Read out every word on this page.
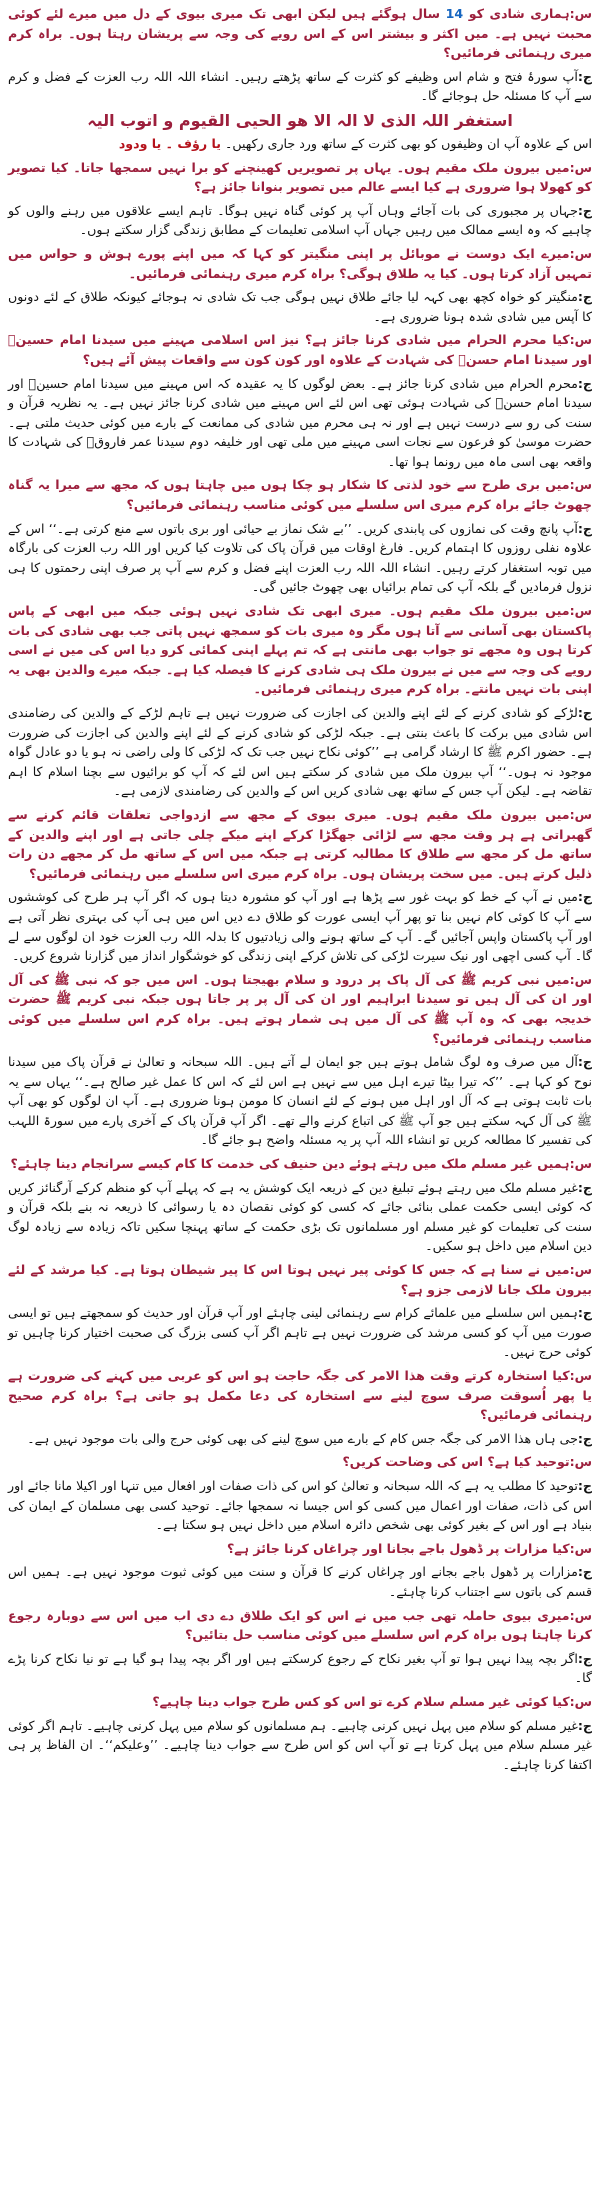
س:ہماری شادی کو 14 سال ہوگئے ہیں لیکن ابھی تک میری بیوی کے دل میں میرے لئے کوئی محبت نہیں ہے۔ میں اکثر و بیشتر اس کے اس رویے کی وجہ سے پریشان رہتا ہوں۔ براہ کرم میری رہنمائی فرمائیں؟

ج:آپ سورۂ فتح و شام اس وظیفے کو کثرت کے ساتھ پڑھتے رہیں۔ انشاء اللہ اللہ رب العزت کے فضل و کرم سے آپ کا مسئلہ حل ہوجائے گا۔

استغفر اللہ الذی لا الہ الا ھو الحیی القیوم و اتوب الیہ
اس کے علاوہ آپ ان وظیفوں کو بھی کثرت کے ساتھ ورد جاری رکھیں۔ یا رؤف ۔ یا ودود

س:میں بیرون ملک مقیم ہوں۔ یہاں پر تصویریں کھینچنے کو برا نہیں سمجھا جاتا۔ کیا تصویر کو کھولا ہوا ضروری ہے کیا ایسے عالم میں تصویر بنوانا جائز ہے؟

ج:جہاں پر مجبوری کی بات آجائے وہاں آپ پر کوئی گناہ نہیں ہوگا۔ تاہم ایسے علاقوں میں رہنے والوں کو چاہیے کہ وہ ایسے ممالک میں رہیں جہاں آپ اسلامی تعلیمات کے مطابق زندگی گزار سکتے ہوں۔

س:میرے ایک دوست نے موبائل پر اپنی منگیتر کو کہا کہ میں اپنے پورے ہوش و حواس میں تمہیں آزاد کرتا ہوں۔ کیا یہ طلاق ہوگی؟ براہ کرم میری رہنمائی فرمائیں۔

ج:منگیتر کو خواہ کچھ بھی کہہ لیا جائے طلاق نہیں ہوگی جب تک شادی نہ ہوجائے کیونکہ طلاق کے لئے دونوں کا آپس میں شادی شدہ ہونا ضروری ہے۔

س:کیا محرم الحرام میں شادی کرنا جائز ہے؟ نیز اس اسلامی مہینے میں سیدنا امام حسینؓ اور سیدنا امام حسنؓ کی شہادت کے علاوہ اور کون کون سے واقعات پیش آئے ہیں؟

ج:محرم الحرام میں شادی کرنا جائز ہے۔ بعض لوگوں کا یہ عقیدہ کہ اس مہینے میں سیدنا امام حسینؓ اور سیدنا امام حسنؓ کی شہادت ہوئی تھی اس لئے اس مہینے میں شادی کرنا جائز نہیں ہے۔ یہ نظریہ قرآن و سنت کی رو سے درست نہیں ہے اور نہ ہی محرم میں شادی کی ممانعت کے بارے میں کوئی حدیث ملتی ہے۔ حضرت موسیٰ کو فرعون سے نجات اسی مہینے میں ملی تھی اور خلیفہ دوم سیدنا عمر فاروقؓ کی شہادت کا واقعہ بھی اسی ماہ میں رونما ہوا تھا۔

س:میں بری طرح سے خود لذتی کا شکار ہو چکا ہوں میں چاہتا ہوں کہ مجھ سے میرا یہ گناہ چھوٹ جائے براہ کرم میری اس سلسلے میں کوئی مناسب رہنمائی فرمائیں؟

ج:آپ پانچ وقت کی نمازوں کی پابندی کریں۔ ’’بے شک نماز بے حیائی اور بری باتوں سے منع کرتی ہے۔‘‘ اس کے علاوہ نفلی روزوں کا اہتمام کریں۔ فارغ اوقات میں قرآن پاک کی تلاوت کیا کریں اور اللہ رب العزت کی بارگاہ میں توبہ استغفار کرتے رہیں۔ انشاء اللہ اللہ رب العزت اپنے فضل و کرم سے آپ پر صرف اپنی رحمتوں کا ہی نزول فرمادیں گے بلکہ آپ کی تمام برائیاں بھی چھوٹ جائیں گی۔

س:میں بیرون ملک مقیم ہوں۔ میری ابھی تک شادی نہیں ہوئی جبکہ میں ابھی کے پاس پاکستان بھی آسانی سے آتا ہوں مگر وہ میری بات کو سمجھ نہیں پاتی جب بھی شادی کی بات کرتا ہوں وہ مجھے تو جواب بھی مانتی ہے کہ تم پہلے اپنی کمائی کرو دیا اس کی میں نے اسی رویے کی وجہ سے میں نے بیرون ملک ہی شادی کرنے کا فیصلہ کیا ہے۔ جبکہ میرے والدین بھی یہ اپنی بات نہیں مانتے۔ براہ کرم میری رہنمائی فرمائیں۔

ج:لڑکے کو شادی کرنے کے لئے اپنے والدین کی اجازت کی ضرورت نہیں ہے تاہم لڑکے کے والدین کی رضامندی اس شادی میں برکت کا باعث بنتی ہے۔ جبکہ لڑکی کو شادی کرنے کے لئے اپنے والدین کی اجازت کی ضرورت ہے۔ حضور اکرم ﷺ کا ارشاد گرامی ہے ’’کوئی نکاح نہیں جب تک کہ لڑکی کا ولی راضی نہ ہو یا دو عادل گواہ موجود نہ ہوں۔‘‘ آپ بیرون ملک میں شادی کر سکتے ہیں اس لئے کہ آپ کو برائیوں سے بچنا اسلام کا اہم تقاضہ ہے۔ لیکن آپ جس کے ساتھ بھی شادی کریں اس کے والدین کی رضامندی لازمی ہے۔

س:میں بیرون ملک مقیم ہوں۔ میری بیوی کے مجھ سے ازدواجی تعلقات قائم کرنے سے گھبراتی ہے ہر وقت مجھ سے لڑائی جھگڑا کرکے اپنے میکے چلی جاتی ہے اور اپنے والدین کے ساتھ مل کر مجھ سے طلاق کا مطالبہ کرتی ہے جبکہ میں اس کے ساتھ مل کر مجھے دن رات ذلیل کرتے ہیں۔ میں سخت پریشان ہوں۔ براہ کرم میری اس سلسلے میں رہنمائی فرمائیں؟

ج:میں نے آپ کے خط کو بہت غور سے پڑھا ہے اور آپ کو مشورہ دیتا ہوں کہ اگر آپ ہر طرح کی کوششوں سے آپ کا کوئی کام نہیں بنا تو پھر آپ ایسی عورت کو طلاق دے دیں اس میں ہی آپ کی بہتری نظر آتی ہے اور آپ پاکستان واپس آجائیں گے۔ آپ کے ساتھ ہونے والی زیادتیوں کا بدلہ اللہ رب العزت خود ان لوگوں سے لے گا۔ آپ کسی اچھی اور نیک سیرت لڑکی کی تلاش کرکے اپنی زندگی کو خوشگوار انداز میں گزارنا شروع کریں۔

س:میں نبی کریم ﷺ کی آل پاک پر درود و سلام بھیجتا ہوں۔ اس میں جو کہ نبی ﷺ کی آل اور ان کی آل ہیں تو سیدنا ابراہیم اور ان کی آل پر پر جاتا ہوں جبکہ نبی کریم ﷺ حضرت خدیجہ بھی کہ وہ آپ ﷺ کی آل میں ہی شمار ہوتے ہیں۔ براہ کرم اس سلسلے میں کوئی مناسب رہنمائی فرمائیں؟

ج:آل میں صرف وہ لوگ شامل ہوتے ہیں جو ایمان لے آتے ہیں۔ اللہ سبحانہ و تعالیٰ نے قرآن پاک میں سیدنا نوح کو کہا ہے۔ ’’کہ تیرا بیٹا تیرے اہل میں سے نہیں ہے اس لئے کہ اس کا عمل غیر صالح ہے۔‘‘ یہاں سے یہ بات ثابت ہوتی ہے کہ آل اور اہل میں ہونے کے لئے انسان کا مومن ہونا ضروری ہے۔ آپ ان لوگوں کو بھی آپ ﷺ کی آل کہہ سکتے ہیں جو آپ ﷺ کی اتباع کرنے والے تھے۔ اگر آپ قرآن پاک کے آخری پارے میں سورۃ اللہب کی تفسیر کا مطالعہ کریں تو انشاء اللہ آپ پر یہ مسئلہ واضح ہو جائے گا۔

س:ہمیں غیر مسلم ملک میں رہتے ہوئے دین حنیف کی خدمت کا کام کیسے سرانجام دینا چاہئے؟

ج:غیر مسلم ملک میں رہتے ہوئے تبلیغ دین کے ذریعہ ایک کوشش یہ ہے کہ پہلے آپ کو منظم کرکے آرگنائز کریں کہ کوئی ایسی حکمت عملی بنائی جائے کہ کسی کو کوئی نقصان دہ یا رسوائی کا ذریعہ نہ بنے بلکہ قرآن و سنت کی تعلیمات کو غیر مسلم اور مسلمانوں تک بڑی حکمت کے ساتھ پہنچا سکیں تاکہ زیادہ سے زیادہ لوگ دین اسلام میں داخل ہو سکیں۔

س:میں نے سنا ہے کہ جس کا کوئی پیر نہیں ہوتا اس کا پیر شیطان ہوتا ہے۔ کیا مرشد کے لئے بیرون ملک جانا لازمی جزو ہے؟

ج:ہمیں اس سلسلے میں علمائے کرام سے رہنمائی لینی چاہئے اور آپ قرآن اور حدیث کو سمجھتے ہیں تو ایسی صورت میں آپ کو کسی مرشد کی ضرورت نہیں ہے تاہم اگر آپ کسی بزرگ کی صحبت اختیار کرنا چاہیں تو کوئی حرج نہیں۔

س:کیا استخارہ کرتے وقت ھذا الامر کی جگہ حاجت ہو اس کو عربی میں کہنے کی ضرورت ہے یا پھر اُسوقت صرف سوچ لینے سے استخارہ کی دعا مکمل ہو جاتی ہے؟ براہ کرم صحیح رہنمائی فرمائیں؟

ج:جی ہاں ھذا الامر کی جگہ جس کام کے بارے میں سوچ لینے کی بھی کوئی حرج والی بات موجود نہیں ہے۔

س:توحید کیا ہے؟ اس کی وضاحت کریں؟

ج:توحید کا مطلب یہ ہے کہ اللہ سبحانہ و تعالیٰ کو اس کی ذات صفات اور افعال میں تنہا اور اکیلا مانا جائے اور اس کی ذات، صفات اور اعمال میں کسی کو اس جیسا نہ سمجھا جائے۔ توحید کسی بھی مسلمان کے ایمان کی بنیاد ہے اور اس کے بغیر کوئی بھی شخص دائرہ اسلام میں داخل نہیں ہو سکتا ہے۔

س:کیا مزارات پر ڈھول باجے بجانا اور چراغاں کرنا جائز ہے؟

ج:مزارات پر ڈھول باجے بجانے اور چراغاں کرنے کا قرآن و سنت میں کوئی ثبوت موجود نہیں ہے۔ ہمیں اس قسم کی باتوں سے اجتناب کرنا چاہئے۔

س:میری بیوی حاملہ تھی جب میں نے اس کو ایک طلاق دے دی اب میں اس سے دوبارہ رجوع کرنا چاہتا ہوں براہ کرم اس سلسلے میں کوئی مناسب حل بتائیں؟

ج:اگر بچہ پیدا نہیں ہوا تو آپ بغیر نکاح کے رجوع کرسکتے ہیں اور اگر بچہ پیدا ہو گیا ہے تو نیا نکاح کرنا پڑے گا۔

س:کیا کوئی غیر مسلم سلام کرے تو اس کو کس طرح جواب دینا چاہیے؟

ج:غیر مسلم کو سلام میں پہل نہیں کرنی چاہیے۔ ہم مسلمانوں کو سلام میں پہل کرنی چاہیے۔ تاہم اگر کوئی غیر مسلم سلام میں پہل کرتا ہے تو آپ اس کو اس طرح سے جواب دینا چاہیے۔ ’’وعلیکم‘‘۔ ان الفاظ پر ہی اکتفا کرنا چاہئے۔
